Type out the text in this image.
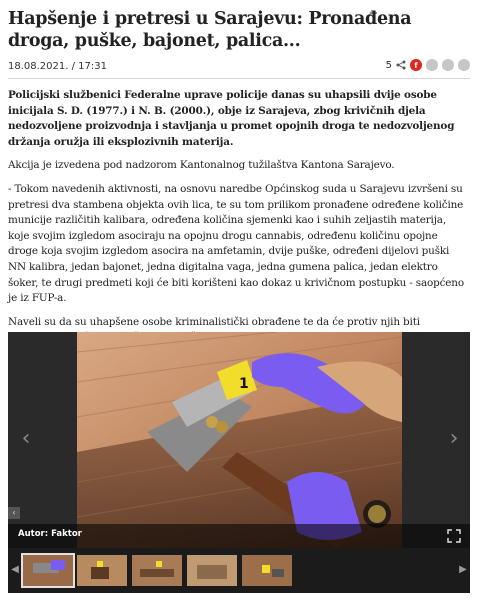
Hapšenje i pretresi u Sarajevu: Pronađena droga, puške, bajonet, palica...
18.08.2021. / 17:31	5	f

Policijski službenici Federalne uprave policije danas su uhapsili dvije osobe inicijala S. D. (1977.) i N. B. (2000.), obje iz Sarajeva, zbog krivičnih djela nedozvoljene proizvodnja i stavljanja u promet opojnih droga te nedozvoljenog držanja oružja ili eksplozivnih materija.

Akcija je izvedena pod nadzorom Kantonalnog tužilaštva Kantona Sarajevo.

- Tokom navedenih aktivnosti, na osnovu naredbe Općinskog suda u Sarajevu izvršeni su pretresi dva stambena objekta ovih lica, te su tom prilikom pronađene određene količine municije različitih kalibara, određena količina sjemenki kao i suhih zeljastih materija, koje svojim izgledom asociraju na opojnu drogu cannabis, određenu količinu opojne droge koja svojim izgledom asocira na amfetamin, dvije puške, određeni dijelovi puški NN kalibra, jedan bajonet, jedna digitalna vaga, jedna gumena palica, jedan elektro šoker, te drugi predmeti koji će biti korišteni kao dokaz u krivičnom postupku - saopćeno je iz FUP-a.

Naveli su da su uhapšene osobe kriminalistički obrađene te da će protiv njih biti

1
‹	›
‹
Autor: Faktor
◀	▶
